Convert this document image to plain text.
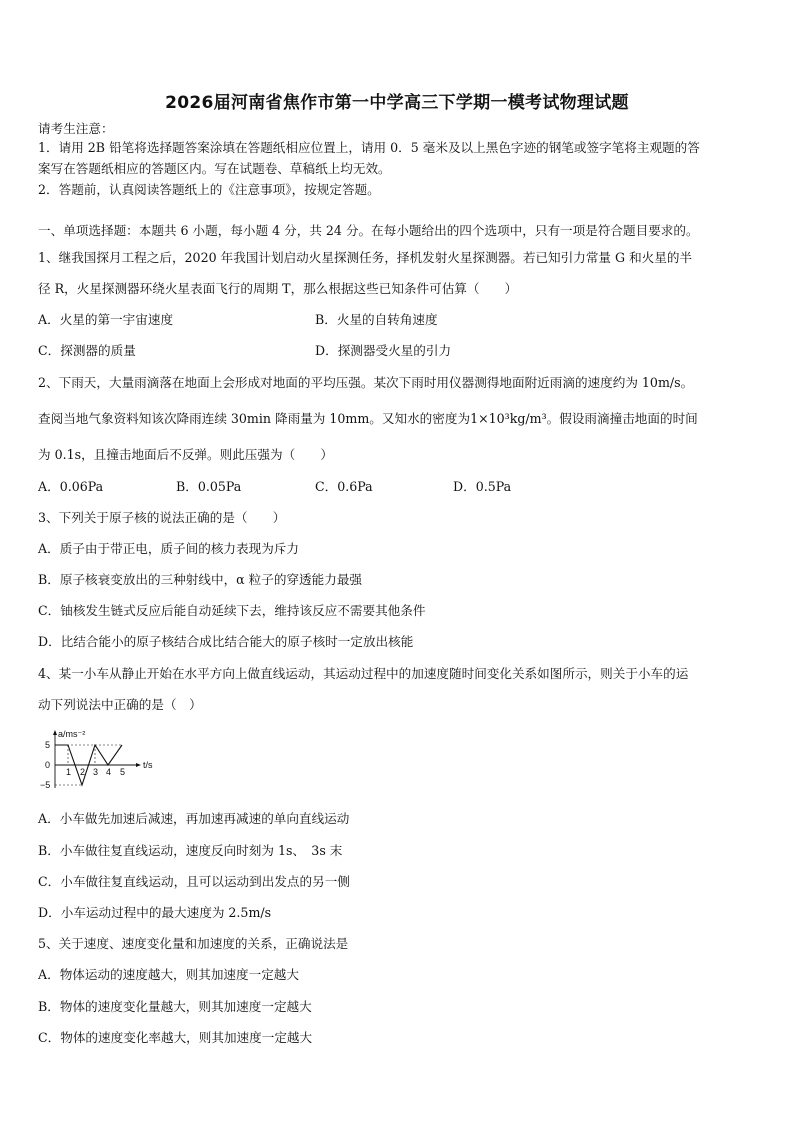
2026届河南省焦作市第一中学高三下学期一模考试物理试题
请考生注意：
1．请用 2B 铅笔将选择题答案涂填在答题纸相应位置上，请用 0．5 毫米及以上黑色字迹的钢笔或签字笔将主观题的答
案写在答题纸相应的答题区内。写在试题卷、草稿纸上均无效。
2．答题前，认真阅读答题纸上的《注意事项》，按规定答题。
一、单项选择题：本题共 6 小题，每小题 4 分，共 24 分。在每小题给出的四个选项中，只有一项是符合题目要求的。
1、继我国探月工程之后，2020 年我国计划启动火星探测任务，择机发射火星探测器。若已知引力常量 G 和火星的半
径 R，火星探测器环绕火星表面飞行的周期 T，那么根据这些已知条件可估算（　　）
A．火星的第一宇宙速度	B．火星的自转角速度
C．探测器的质量	D．探测器受火星的引力
2、下雨天，大量雨滴落在地面上会形成对地面的平均压强。某次下雨时用仪器测得地面附近雨滴的速度约为 10m/s。
查阅当地气象资料知该次降雨连续 30min 降雨量为 10mm。又知水的密度为1×10³kg/m³。假设雨滴撞击地面的时间
为 0.1s，且撞击地面后不反弹。则此压强为（　　）
A．0.06Pa	B．0.05Pa	C．0.6Pa	D．0.5Pa
3、下列关于原子核的说法正确的是（　　）
A．质子由于带正电，质子间的核力表现为斥力
B．原子核衰变放出的三种射线中，α 粒子的穿透能力最强
C．铀核发生链式反应后能自动延续下去，维持该反应不需要其他条件
D．比结合能小的原子核结合成比结合能大的原子核时一定放出核能
4、某一小车从静止开始在水平方向上做直线运动，其运动过程中的加速度随时间变化关系如图所示，则关于小车的运
动下列说法中正确的是（　）
a/ms⁻²
t/s
5
0
−5
1 2 3 4 5
A．小车做先加速后减速，再加速再减速的单向直线运动
B．小车做往复直线运动，速度反向时刻为 1s、　3s 末
C．小车做往复直线运动，且可以运动到出发点的另一侧
D．小车运动过程中的最大速度为 2.5m/s
5、关于速度、速度变化量和加速度的关系，正确说法是
A．物体运动的速度越大，则其加速度一定越大
B．物体的速度变化量越大，则其加速度一定越大
C．物体的速度变化率越大，则其加速度一定越大
